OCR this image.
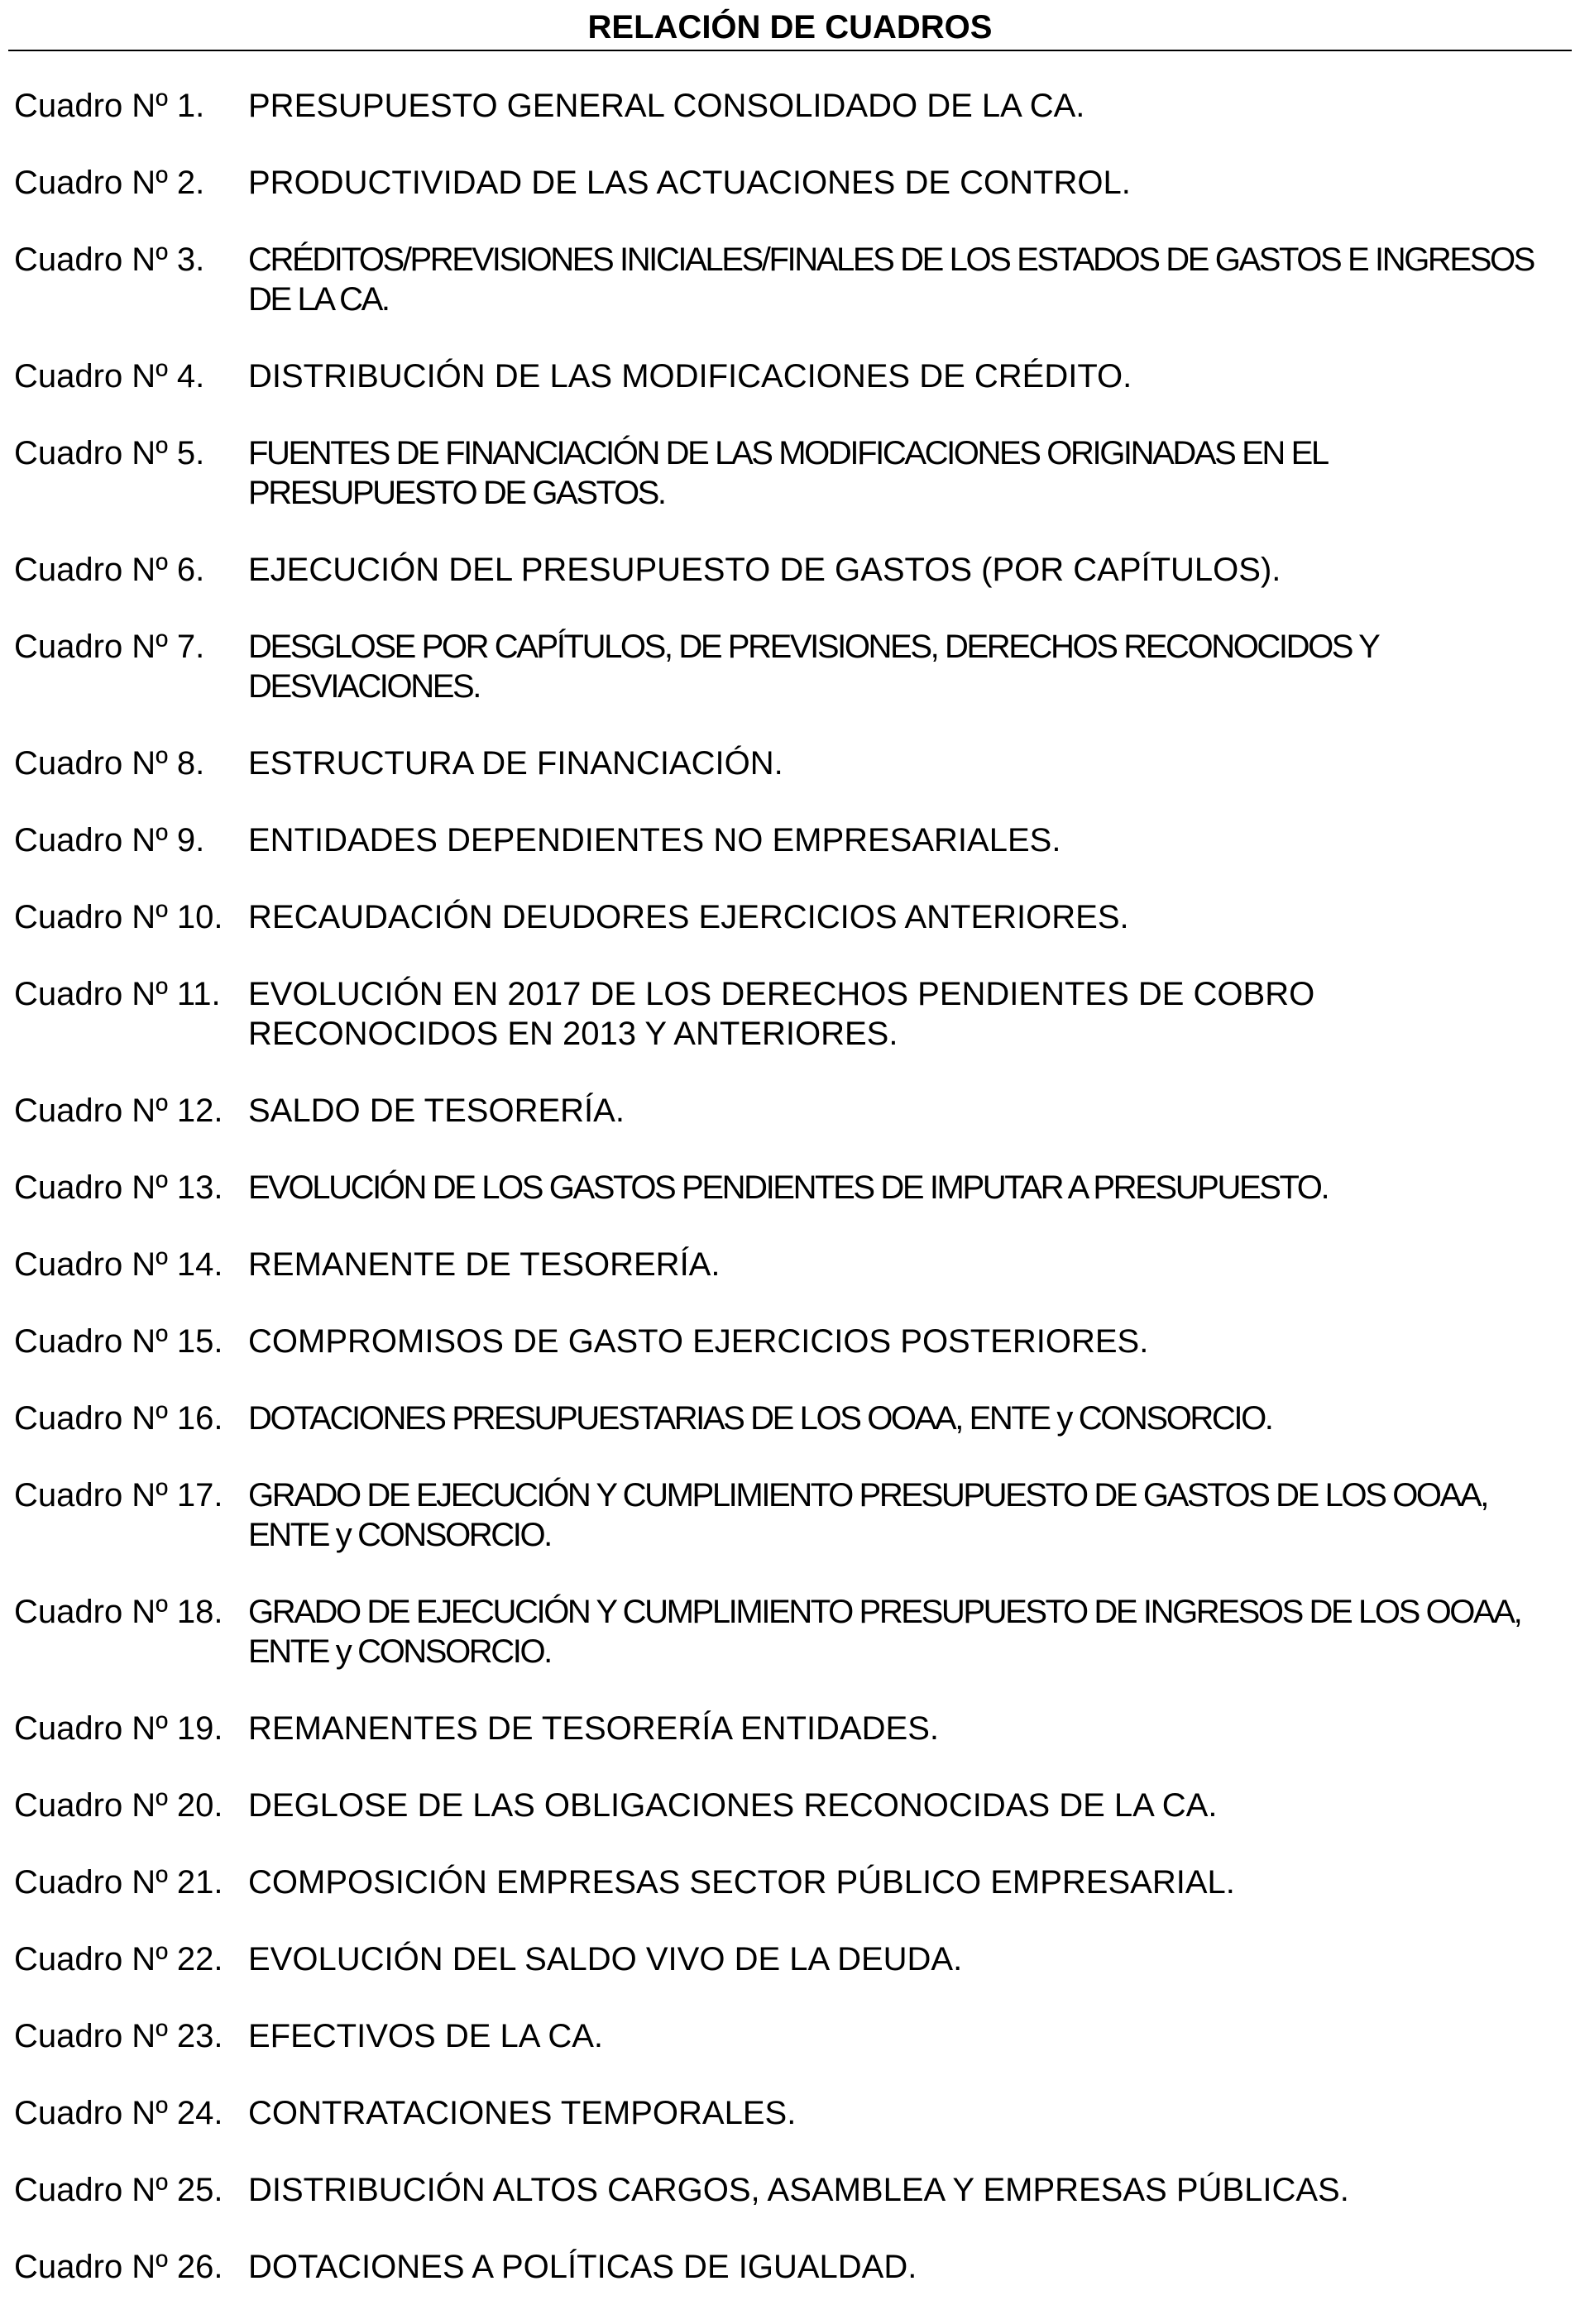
RELACIÓN DE CUADROS
Cuadro Nº 1. PRESUPUESTO GENERAL CONSOLIDADO DE LA CA.
Cuadro Nº 2. PRODUCTIVIDAD DE LAS ACTUACIONES DE CONTROL.
Cuadro Nº 3. CRÉDITOS/PREVISIONES INICIALES/FINALES DE LOS ESTADOS DE GASTOS E INGRESOS DE LA CA.
Cuadro Nº 4. DISTRIBUCIÓN DE LAS MODIFICACIONES DE CRÉDITO.
Cuadro Nº 5. FUENTES DE FINANCIACIÓN DE LAS MODIFICACIONES ORIGINADAS EN EL PRESUPUESTO DE GASTOS.
Cuadro Nº 6. EJECUCIÓN DEL PRESUPUESTO DE GASTOS (POR CAPÍTULOS).
Cuadro Nº 7. DESGLOSE POR CAPÍTULOS, DE PREVISIONES, DERECHOS RECONOCIDOS Y DESVIACIONES.
Cuadro Nº 8. ESTRUCTURA DE FINANCIACIÓN.
Cuadro Nº 9. ENTIDADES DEPENDIENTES NO EMPRESARIALES.
Cuadro Nº 10. RECAUDACIÓN DEUDORES EJERCICIOS ANTERIORES.
Cuadro Nº 11. EVOLUCIÓN EN 2017 DE LOS DERECHOS PENDIENTES DE COBRO RECONOCIDOS EN 2013 Y ANTERIORES.
Cuadro Nº 12. SALDO DE TESORERÍA.
Cuadro Nº 13. EVOLUCIÓN DE LOS GASTOS PENDIENTES DE IMPUTAR A PRESUPUESTO.
Cuadro Nº 14. REMANENTE DE TESORERÍA.
Cuadro Nº 15. COMPROMISOS DE GASTO EJERCICIOS POSTERIORES.
Cuadro Nº 16. DOTACIONES PRESUPUESTARIAS DE LOS OOAA, ENTE y CONSORCIO.
Cuadro Nº 17. GRADO DE EJECUCIÓN Y CUMPLIMIENTO PRESUPUESTO DE GASTOS DE LOS OOAA, ENTE y CONSORCIO.
Cuadro Nº 18. GRADO DE EJECUCIÓN Y CUMPLIMIENTO PRESUPUESTO DE INGRESOS DE LOS OOAA, ENTE y CONSORCIO.
Cuadro Nº 19. REMANENTES DE TESORERÍA ENTIDADES.
Cuadro Nº 20. DEGLOSE DE LAS OBLIGACIONES RECONOCIDAS DE LA CA.
Cuadro Nº 21. COMPOSICIÓN EMPRESAS SECTOR PÚBLICO EMPRESARIAL.
Cuadro Nº 22. EVOLUCIÓN DEL SALDO VIVO DE LA DEUDA.
Cuadro Nº 23. EFECTIVOS DE LA CA.
Cuadro Nº 24. CONTRATACIONES TEMPORALES.
Cuadro Nº 25. DISTRIBUCIÓN ALTOS CARGOS, ASAMBLEA Y EMPRESAS PÚBLICAS.
Cuadro Nº 26. DOTACIONES A POLÍTICAS DE IGUALDAD.
